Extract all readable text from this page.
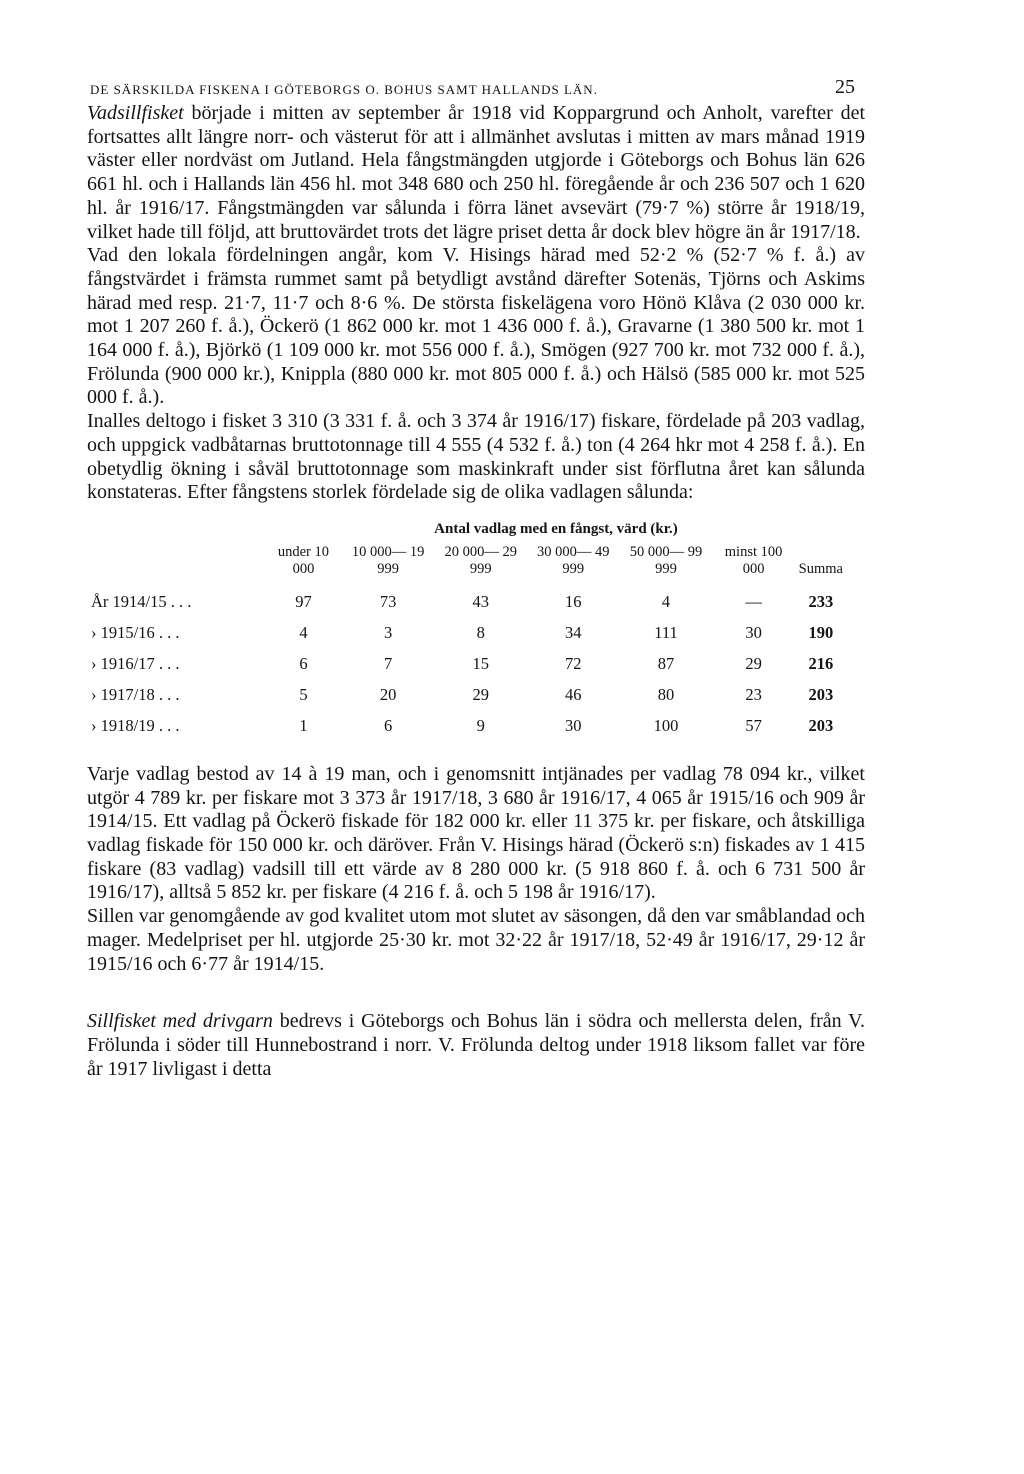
DE SÄRSKILDA FISKENA I GÖTEBORGS O. BOHUS SAMT HALLANDS LÄN.	25

Vadsillfisket började i mitten av september år 1918 vid Koppargrund och Anholt, varefter det fortsattes allt längre norr- och västerut för att i allmänhet avslutas i mitten av mars månad 1919 väster eller nordväst om Jutland. Hela fångstmängden utgjorde i Göteborgs och Bohus län 626 661 hl. och i Hallands län 456 hl. mot 348 680 och 250 hl. föregående år och 236 507 och 1 620 hl. år 1916/17. Fångstmängden var sålunda i förra länet avsevärt (79·7 %) större år 1918/19, vilket hade till följd, att bruttovärdet trots det lägre priset detta år dock blev högre än år 1917/18.

Vad den lokala fördelningen angår, kom V. Hisings härad med 52·2 % (52·7 % f. å.) av fångstvärdet i främsta rummet samt på betydligt avstånd därefter Sotenäs, Tjörns och Askims härad med resp. 21·7, 11·7 och 8·6 %. De största fiskelägena voro Hönö Klåva (2 030 000 kr. mot 1 207 260 f. å.), Öckerö (1 862 000 kr. mot 1 436 000 f. å.), Gravarne (1 380 500 kr. mot 1 164 000 f. å.), Björkö (1 109 000 kr. mot 556 000 f. å.), Smögen (927 700 kr. mot 732 000 f. å.), Frölunda (900 000 kr.), Knippla (880 000 kr. mot 805 000 f. å.) och Hälsö (585 000 kr. mot 525 000 f. å.).

Inalles deltogo i fisket 3 310 (3 331 f. å. och 3 374 år 1916/17) fiskare, fördelade på 203 vadlag, och uppgick vadbåtarnas bruttotonnage till 4 555 (4 532 f. å.) ton (4 264 hkr mot 4 258 f. å.). En obetydlig ökning i såväl bruttotonnage som maskinkraft under sist förflutna året kan sålunda konstateras. Efter fångstens storlek fördelade sig de olika vadlagen sålunda:

Antal vadlag med en fångst, värd (kr.)
	under 10 000	10 000— 19 999	20 000— 29 999	30 000— 49 999	50 000— 99 999	minst 100 000	Summa
År 1914/15 . . .	97	73	43	16	4	—	233
› 1915/16 . . .	4	3	8	34	111	30	190
› 1916/17 . . .	6	7	15	72	87	29	216
› 1917/18 . . .	5	20	29	46	80	23	203
› 1918/19 . . .	1	6	9	30	100	57	203

Varje vadlag bestod av 14 à 19 man, och i genomsnitt intjänades per vadlag 78 094 kr., vilket utgör 4 789 kr. per fiskare mot 3 373 år 1917/18, 3 680 år 1916/17, 4 065 år 1915/16 och 909 år 1914/15. Ett vadlag på Öckerö fiskade för 182 000 kr. eller 11 375 kr. per fiskare, och åtskilliga vadlag fiskade för 150 000 kr. och däröver. Från V. Hisings härad (Öckerö s:n) fiskades av 1 415 fiskare (83 vadlag) vadsill till ett värde av 8 280 000 kr. (5 918 860 f. å. och 6 731 500 år 1916/17), alltså 5 852 kr. per fiskare (4 216 f. å. och 5 198 år 1916/17).

Sillen var genomgående av god kvalitet utom mot slutet av säsongen, då den var småblandad och mager. Medelpriset per hl. utgjorde 25·30 kr. mot 32·22 år 1917/18, 52·49 år 1916/17, 29·12 år 1915/16 och 6·77 år 1914/15.

Sillfisket med drivgarn bedrevs i Göteborgs och Bohus län i södra och mellersta delen, från V. Frölunda i söder till Hunnebostrand i norr. V. Frölunda deltog under 1918 liksom fallet var före år 1917 livligast i detta
